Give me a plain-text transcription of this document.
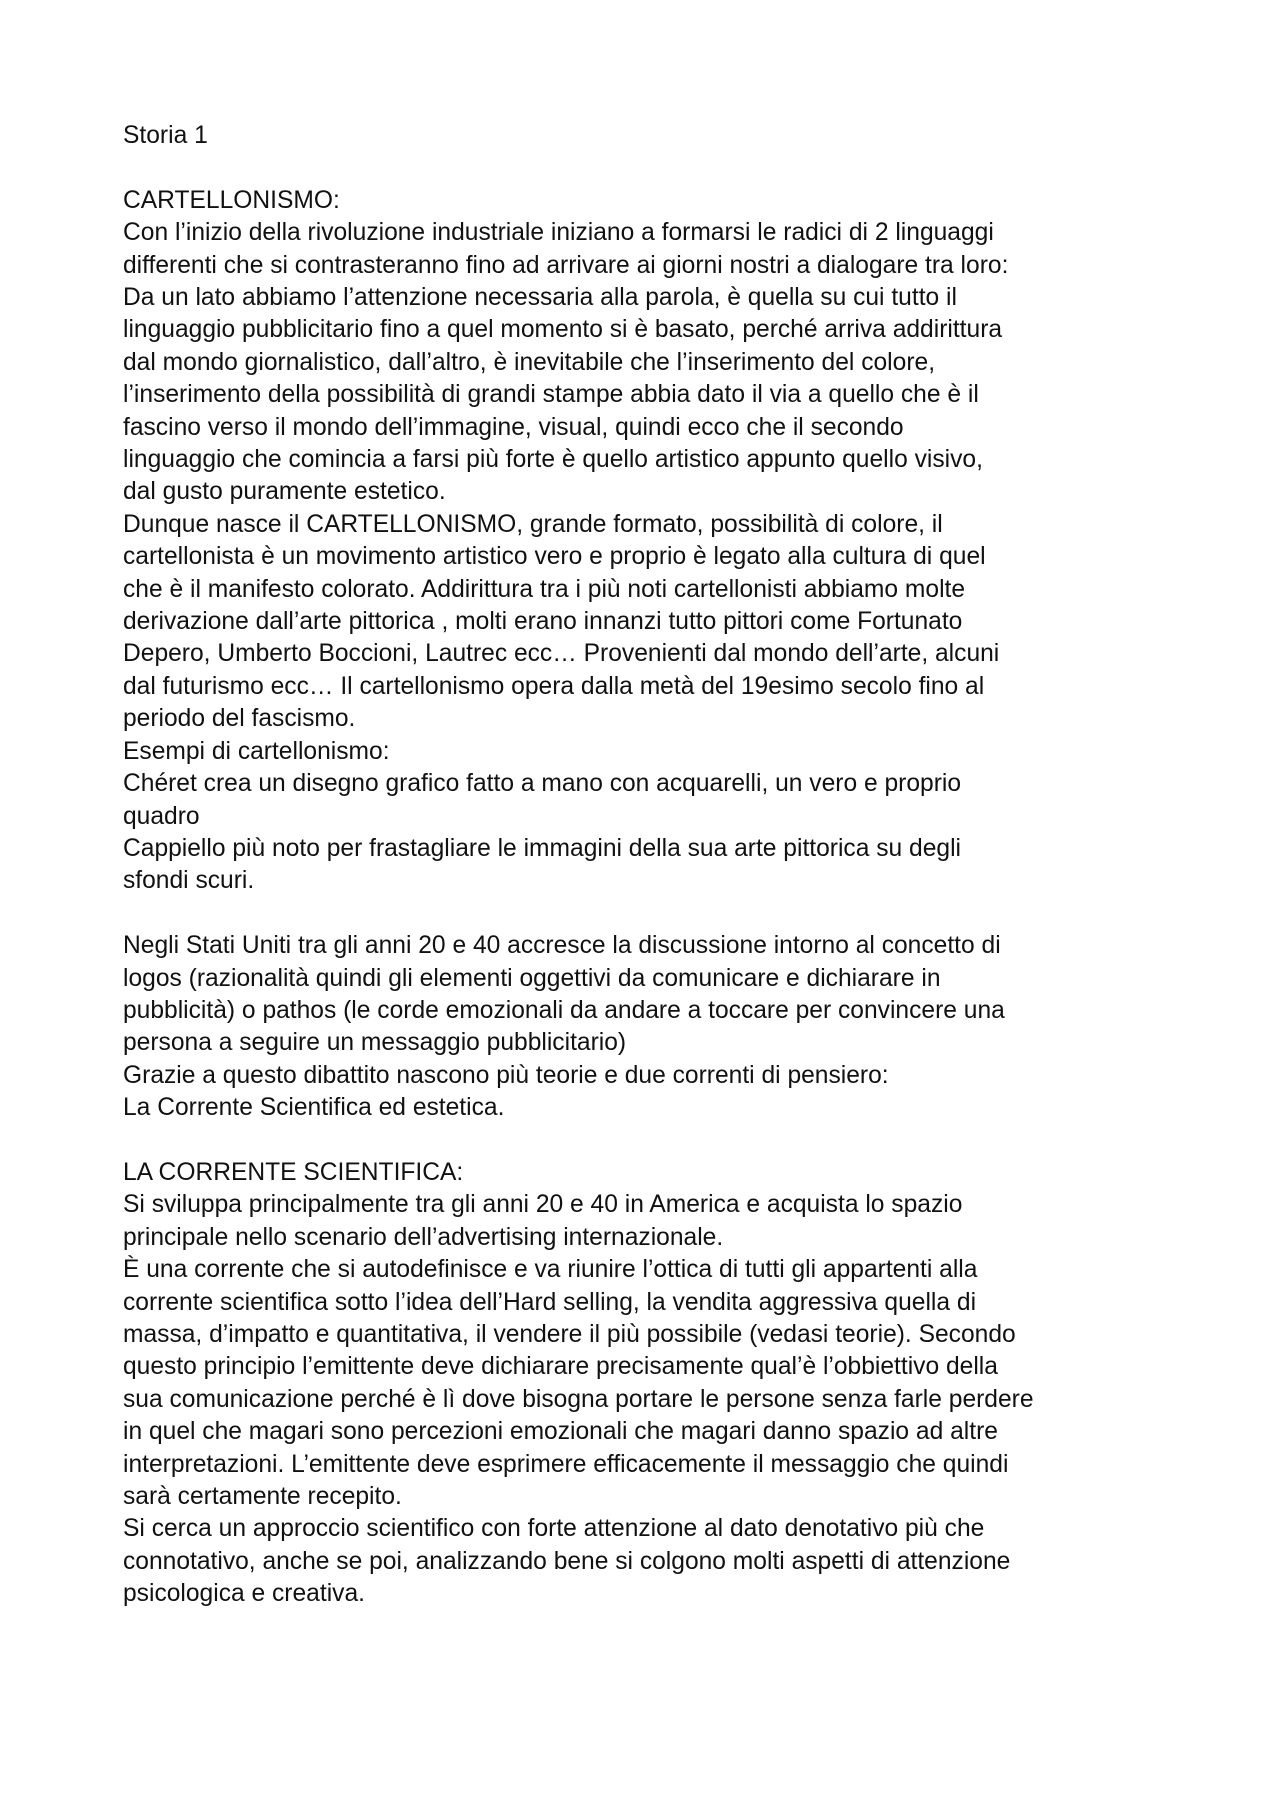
Storia 1
CARTELLONISMO:
Con l’inizio della rivoluzione industriale iniziano a formarsi le radici di 2 linguaggi
differenti che si contrasteranno fino ad arrivare ai giorni nostri a dialogare tra loro:
Da un lato abbiamo l’attenzione necessaria alla parola, è quella su cui tutto il
linguaggio pubblicitario fino a quel momento si è basato, perché arriva addirittura
dal mondo giornalistico, dall’altro, è inevitabile che l’inserimento del colore,
l’inserimento della possibilità di grandi stampe abbia dato il via a quello che è il
fascino verso il mondo dell’immagine, visual, quindi ecco che il secondo
linguaggio che comincia a farsi più forte è quello artistico appunto quello visivo,
dal gusto puramente estetico.
Dunque nasce il CARTELLONISMO, grande formato, possibilità di colore, il
cartellonista è un movimento artistico vero e proprio è legato alla cultura di quel
che è il manifesto colorato. Addirittura tra i più noti cartellonisti abbiamo molte
derivazione dall’arte pittorica , molti erano innanzi tutto pittori come Fortunato
Depero, Umberto Boccioni, Lautrec ecc… Provenienti dal mondo dell’arte, alcuni
dal futurismo ecc… Il cartellonismo opera dalla metà del 19esimo secolo fino al
periodo del fascismo.
Esempi di cartellonismo:
Chéret crea un disegno grafico fatto a mano con acquarelli, un vero e proprio
quadro
Cappiello più noto per frastagliare le immagini della sua arte pittorica su degli
sfondi scuri.
Negli Stati Uniti tra gli anni 20 e 40 accresce la discussione intorno al concetto di
logos (razionalità quindi gli elementi oggettivi da comunicare e dichiarare in
pubblicità) o pathos (le corde emozionali da andare a toccare per convincere una
persona a seguire un messaggio pubblicitario)
Grazie a questo dibattito nascono più teorie e due correnti di pensiero:
La Corrente Scientifica ed estetica.
LA CORRENTE SCIENTIFICA:
Si sviluppa principalmente tra gli anni 20 e 40 in America e acquista lo spazio
principale nello scenario dell’advertising internazionale.
È una corrente che si autodefinisce e va riunire l’ottica di tutti gli appartenti alla
corrente scientifica sotto l’idea dell’Hard selling, la vendita aggressiva quella di
massa, d’impatto e quantitativa, il vendere il più possibile (vedasi teorie). Secondo
questo principio l’emittente deve dichiarare precisamente qual’è l’obbiettivo della
sua comunicazione perché è lì dove bisogna portare le persone senza farle perdere
in quel che magari sono percezioni emozionali che magari danno spazio ad altre
interpretazioni. L’emittente deve esprimere efficacemente il messaggio che quindi
sarà certamente recepito.
Si cerca un approccio scientifico con forte attenzione al dato denotativo più che
connotativo, anche se poi, analizzando bene si colgono molti aspetti di attenzione
psicologica e creativa.
